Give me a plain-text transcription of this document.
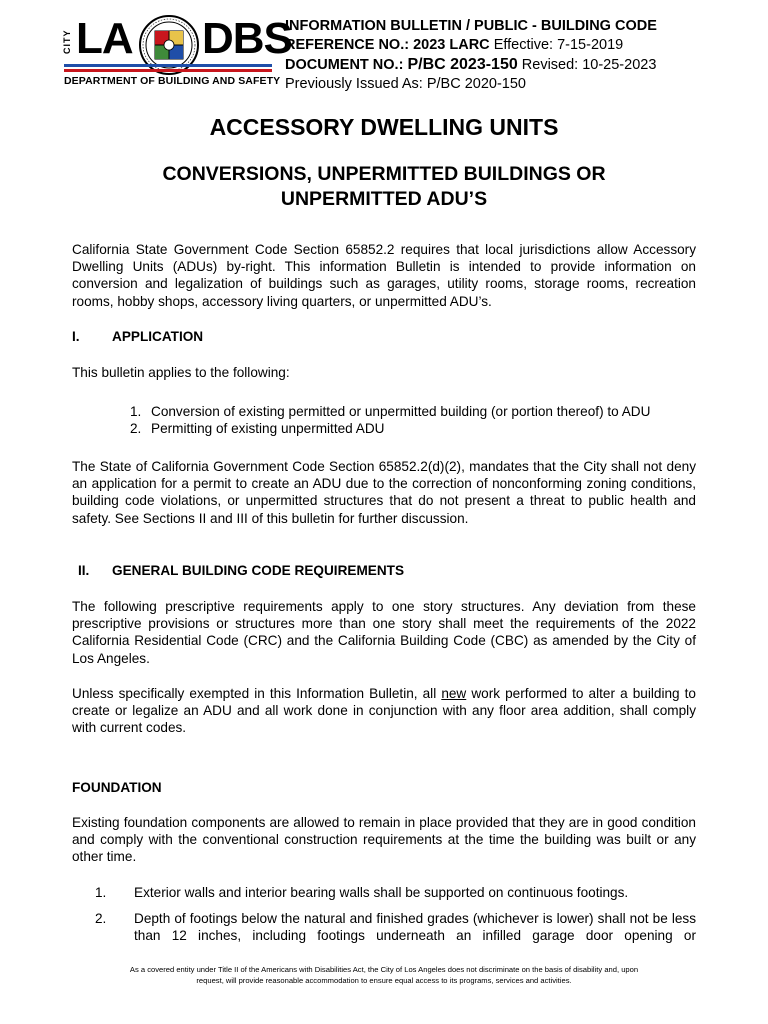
CITY LA DBS
DEPARTMENT OF BUILDING AND SAFETY
INFORMATION BULLETIN / PUBLIC - BUILDING CODE
REFERENCE NO.: 2023 LARC Effective: 7-15-2019
DOCUMENT NO.: P/BC 2023-150 Revised: 10-25-2023
Previously Issued As: P/BC 2020-150
ACCESSORY DWELLING UNITS
CONVERSIONS, UNPERMITTED BUILDINGS OR
UNPERMITTED ADU’S
California State Government Code Section 65852.2 requires that local jurisdictions allow Accessory Dwelling Units (ADUs) by-right. This information Bulletin is intended to provide information on conversion and legalization of buildings such as garages, utility rooms, storage rooms, recreation rooms, hobby shops, accessory living quarters, or unpermitted ADU’s.
I. APPLICATION
This bulletin applies to the following:
1. Conversion of existing permitted or unpermitted building (or portion thereof) to ADU
2. Permitting of existing unpermitted ADU
The State of California Government Code Section 65852.2(d)(2), mandates that the City shall not deny an application for a permit to create an ADU due to the correction of nonconforming zoning conditions, building code violations, or unpermitted structures that do not present a threat to public health and safety. See Sections II and III of this bulletin for further discussion.
II. GENERAL BUILDING CODE REQUIREMENTS
The following prescriptive requirements apply to one story structures. Any deviation from these prescriptive provisions or structures more than one story shall meet the requirements of the 2022 California Residential Code (CRC) and the California Building Code (CBC) as amended by the City of Los Angeles.
Unless specifically exempted in this Information Bulletin, all new work performed to alter a building to create or legalize an ADU and all work done in conjunction with any floor area addition, shall comply with current codes.
FOUNDATION
Existing foundation components are allowed to remain in place provided that they are in good condition and comply with the conventional construction requirements at the time the building was built or any other time.
1. Exterior walls and interior bearing walls shall be supported on continuous footings.
2. Depth of footings below the natural and finished grades (whichever is lower) shall not be less than 12 inches, including footings underneath an infilled garage door opening or
As a covered entity under Title II of the Americans with Disabilities Act, the City of Los Angeles does not discriminate on the basis of disability and, upon
request, will provide reasonable accommodation to ensure equal access to its programs, services and activities.
